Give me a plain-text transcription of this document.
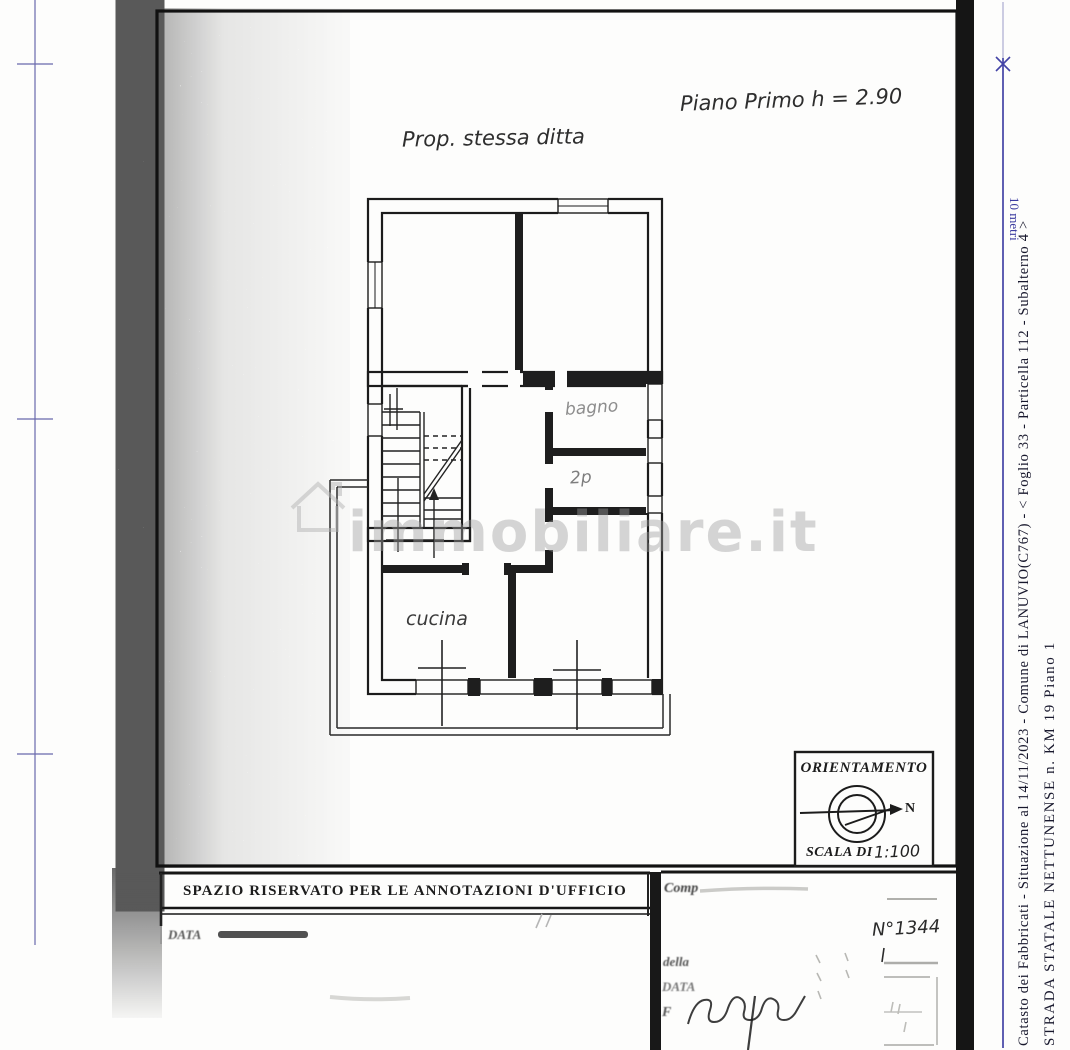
Prop. stessa ditta
Piano Primo h = 2.90
bagno
2p
cucina
immobiliare.it
ORIENTAMENTO
N
SCALA DI 1:100
SPAZIO RISERVATO PER LE ANNOTAZIONI D'UFFICIO
DATA
Comp
della
DATA
F
N°1344	Catasto dei Fabbricati - Situazione al 14/11/2023 - Comune di LANUVIO(C767) - < Foglio 33 - Particella 112 - Subalterno 4 > STRADA STATALE NETTUNENSE n. KM 19 Piano 1
10 metri
